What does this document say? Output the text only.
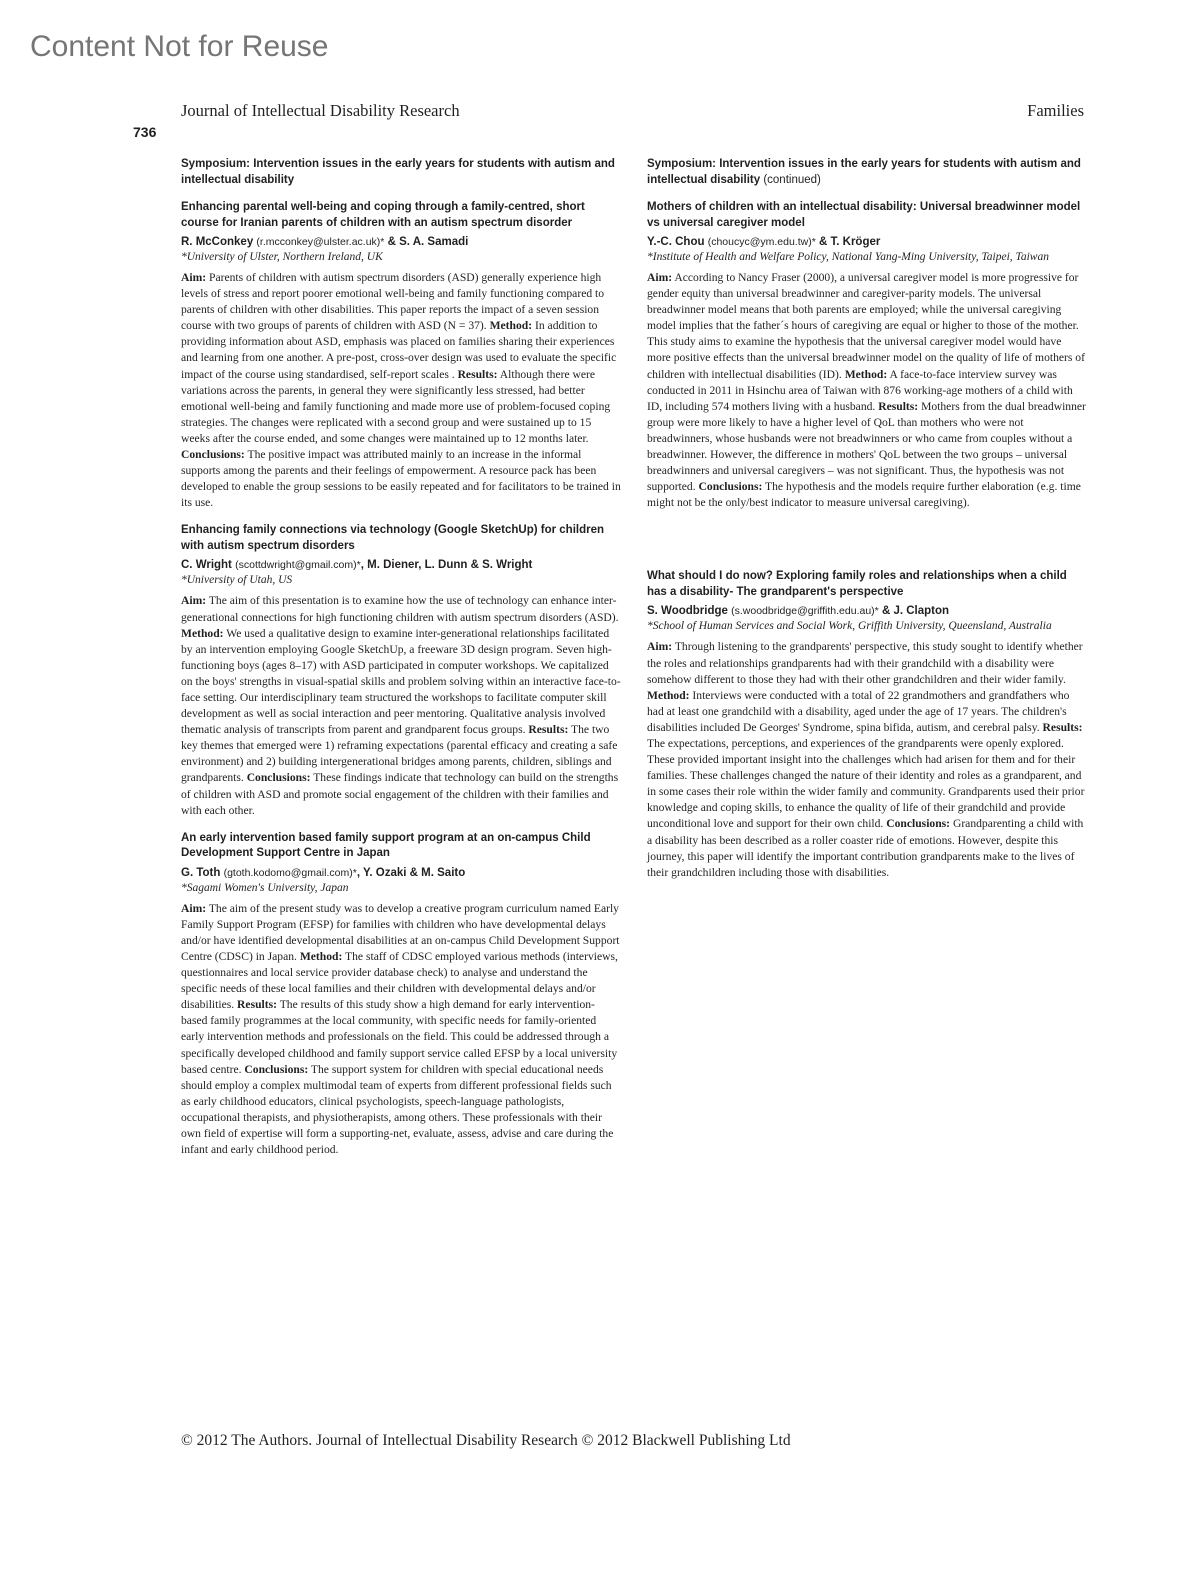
Content Not for Reuse
Journal of Intellectual Disability Research	Families
736

Symposium: Intervention issues in the early years for students with autism and intellectual disability

Enhancing parental well-being and coping through a family-centred, short course for Iranian parents of children with an autism spectrum disorder

R. McConkey (r.mcconkey@ulster.ac.uk)* & S. A. Samadi

*University of Ulster, Northern Ireland, UK

Aim: Parents of children with autism spectrum disorders (ASD) generally experience high levels of stress and report poorer emotional well-being and family functioning compared to parents of children with other disabilities. This paper reports the impact of a seven session course with two groups of parents of children with ASD (N = 37). Method: In addition to providing information about ASD, emphasis was placed on families sharing their experiences and learning from one another. A pre-post, cross-over design was used to evaluate the specific impact of the course using standardised, self-report scales . Results: Although there were variations across the parents, in general they were significantly less stressed, had better emotional well-being and family functioning and made more use of problem-focused coping strategies. The changes were replicated with a second group and were sustained up to 15 weeks after the course ended, and some changes were maintained up to 12 months later. Conclusions: The positive impact was attributed mainly to an increase in the informal supports among the parents and their feelings of empowerment. A resource pack has been developed to enable the group sessions to be easily repeated and for facilitators to be trained in its use.

Enhancing family connections via technology (Google SketchUp) for children with autism spectrum disorders

C. Wright (scottdwright@gmail.com)*, M. Diener, L. Dunn & S. Wright

*University of Utah, US

Aim: The aim of this presentation is to examine how the use of technology can enhance inter-generational connections for high functioning children with autism spectrum disorders (ASD). Method: We used a qualitative design to examine inter-generational relationships facilitated by an intervention employing Google SketchUp, a freeware 3D design program. Seven high-functioning boys (ages 8–17) with ASD participated in computer workshops. We capitalized on the boys' strengths in visual-spatial skills and problem solving within an interactive face-to-face setting. Our interdisciplinary team structured the workshops to facilitate computer skill development as well as social interaction and peer mentoring. Qualitative analysis involved thematic analysis of transcripts from parent and grandparent focus groups. Results: The two key themes that emerged were 1) reframing expectations (parental efficacy and creating a safe environment) and 2) building intergenerational bridges among parents, children, siblings and grandparents. Conclusions: These findings indicate that technology can build on the strengths of children with ASD and promote social engagement of the children with their families and with each other.

An early intervention based family support program at an on-campus Child Development Support Centre in Japan

G. Toth (gtoth.kodomo@gmail.com)*, Y. Ozaki & M. Saito

*Sagami Women's University, Japan

Aim: The aim of the present study was to develop a creative program curriculum named Early Family Support Program (EFSP) for families with children who have developmental delays and/or have identified developmental disabilities at an on-campus Child Development Support Centre (CDSC) in Japan. Method: The staff of CDSC employed various methods (interviews, questionnaires and local service provider database check) to analyse and understand the specific needs of these local families and their children with developmental delays and/or disabilities. Results: The results of this study show a high demand for early intervention-based family programmes at the local community, with specific needs for family-oriented early intervention methods and professionals on the field. This could be addressed through a specifically developed childhood and family support service called EFSP by a local university based centre. Conclusions: The support system for children with special educational needs should employ a complex multimodal team of experts from different professional fields such as early childhood educators, clinical psychologists, speech-language pathologists, occupational therapists, and physiotherapists, among others. These professionals with their own field of expertise will form a supporting-net, evaluate, assess, advise and care during the infant and early childhood period.

Symposium: Intervention issues in the early years for students with autism and intellectual disability (continued)

Mothers of children with an intellectual disability: Universal breadwinner model vs universal caregiver model

Y.-C. Chou (choucyc@ym.edu.tw)* & T. Kröger

*Institute of Health and Welfare Policy, National Yang-Ming University, Taipei, Taiwan

Aim: According to Nancy Fraser (2000), a universal caregiver model is more progressive for gender equity than universal breadwinner and caregiver-parity models. The universal breadwinner model means that both parents are employed; while the universal caregiving model implies that the father´s hours of caregiving are equal or higher to those of the mother. This study aims to examine the hypothesis that the universal caregiver model would have more positive effects than the universal breadwinner model on the quality of life of mothers of children with intellectual disabilities (ID). Method: A face-to-face interview survey was conducted in 2011 in Hsinchu area of Taiwan with 876 working-age mothers of a child with ID, including 574 mothers living with a husband. Results: Mothers from the dual breadwinner group were more likely to have a higher level of QoL than mothers who were not breadwinners, whose husbands were not breadwinners or who came from couples without a breadwinner. However, the difference in mothers' QoL between the two groups – universal breadwinners and universal caregivers – was not significant. Thus, the hypothesis was not supported. Conclusions: The hypothesis and the models require further elaboration (e.g. time might not be the only/best indicator to measure universal caregiving).

What should I do now? Exploring family roles and relationships when a child has a disability- The grandparent's perspective

S. Woodbridge (s.woodbridge@griffith.edu.au)* & J. Clapton

*School of Human Services and Social Work, Griffith University, Queensland, Australia

Aim: Through listening to the grandparents' perspective, this study sought to identify whether the roles and relationships grandparents had with their grandchild with a disability were somehow different to those they had with their other grandchildren and their wider family. Method: Interviews were conducted with a total of 22 grandmothers and grandfathers who had at least one grandchild with a disability, aged under the age of 17 years. The children's disabilities included De Georges' Syndrome, spina bifida, autism, and cerebral palsy. Results: The expectations, perceptions, and experiences of the grandparents were openly explored. These provided important insight into the challenges which had arisen for them and for their families. These challenges changed the nature of their identity and roles as a grandparent, and in some cases their role within the wider family and community. Grandparents used their prior knowledge and coping skills, to enhance the quality of life of their grandchild and provide unconditional love and support for their own child. Conclusions: Grandparenting a child with a disability has been described as a roller coaster ride of emotions. However, despite this journey, this paper will identify the important contribution grandparents make to the lives of their grandchildren including those with disabilities.

© 2012 The Authors. Journal of Intellectual Disability Research © 2012 Blackwell Publishing Ltd
